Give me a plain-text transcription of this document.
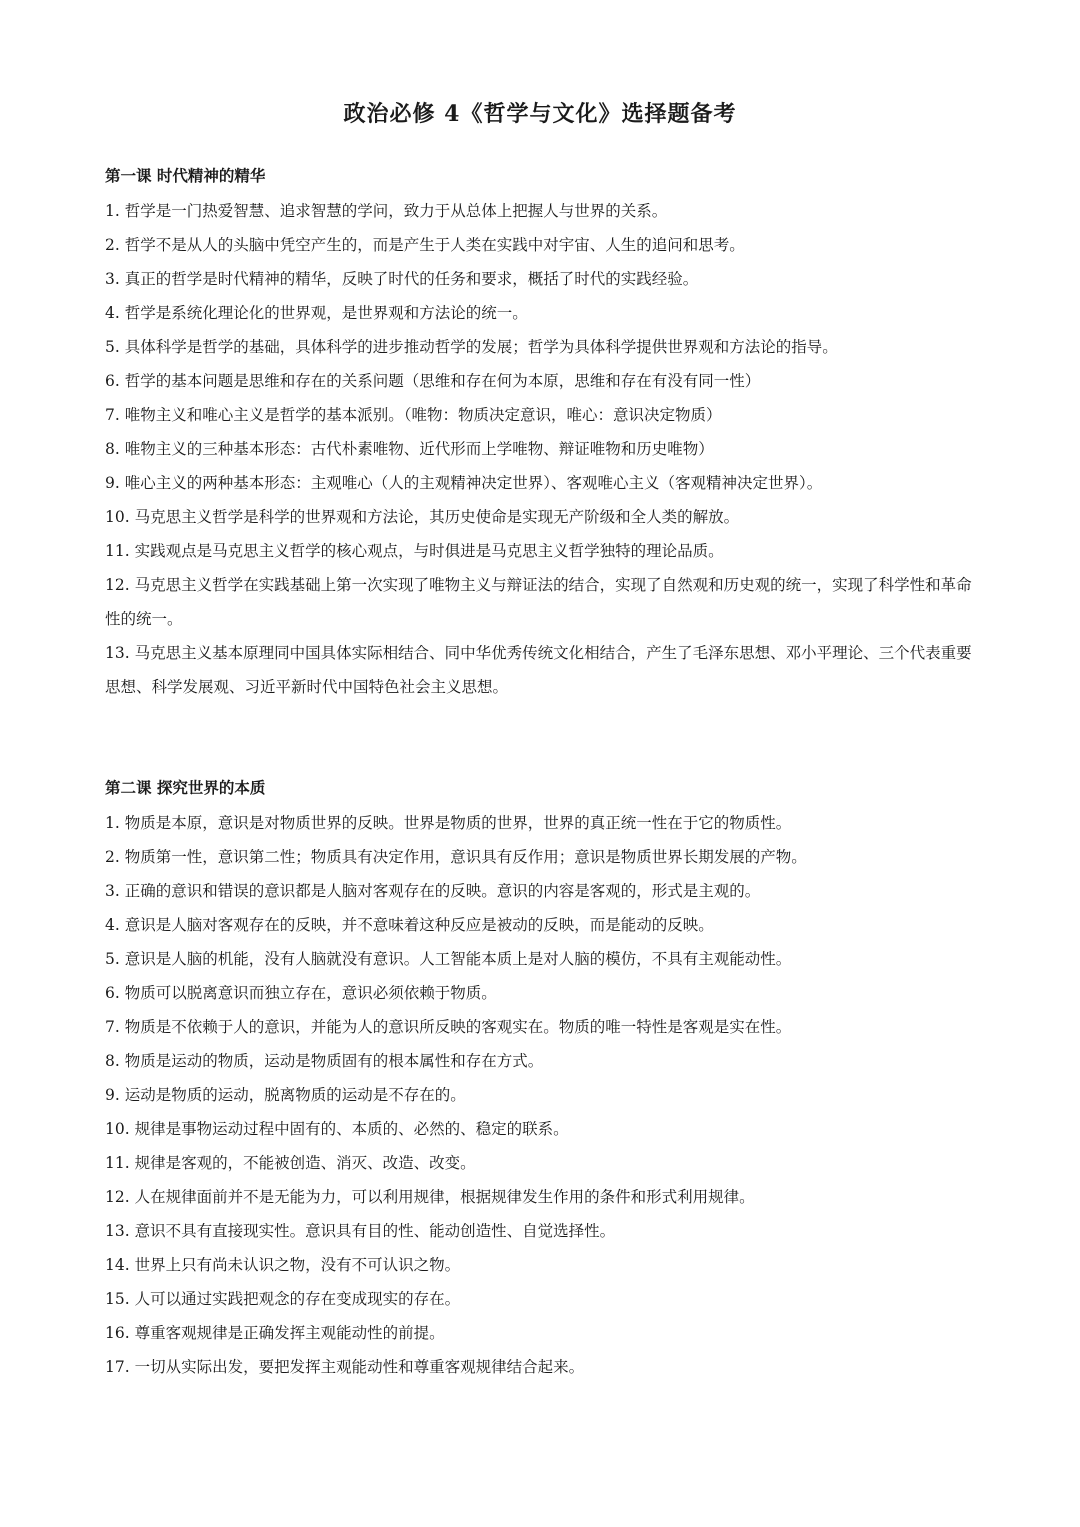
政治必修 4《哲学与文化》选择题备考
第一课 时代精神的精华
1. 哲学是一门热爱智慧、追求智慧的学问，致力于从总体上把握人与世界的关系。
2. 哲学不是从人的头脑中凭空产生的，而是产生于人类在实践中对宇宙、人生的追问和思考。
3. 真正的哲学是时代精神的精华，反映了时代的任务和要求，概括了时代的实践经验。
4. 哲学是系统化理论化的世界观，是世界观和方法论的统一。
5. 具体科学是哲学的基础，具体科学的进步推动哲学的发展；哲学为具体科学提供世界观和方法论的指导。
6. 哲学的基本问题是思维和存在的关系问题（思维和存在何为本原，思维和存在有没有同一性）
7. 唯物主义和唯心主义是哲学的基本派别。（唯物：物质决定意识，唯心：意识决定物质）
8. 唯物主义的三种基本形态：古代朴素唯物、近代形而上学唯物、辩证唯物和历史唯物）
9. 唯心主义的两种基本形态：主观唯心（人的主观精神决定世界）、客观唯心主义（客观精神决定世界）。
10. 马克思主义哲学是科学的世界观和方法论，其历史使命是实现无产阶级和全人类的解放。
11. 实践观点是马克思主义哲学的核心观点，与时俱进是马克思主义哲学独特的理论品质。
12. 马克思主义哲学在实践基础上第一次实现了唯物主义与辩证法的结合，实现了自然观和历史观的统一，实现了科学性和革命性的统一。
13. 马克思主义基本原理同中国具体实际相结合、同中华优秀传统文化相结合，产生了毛泽东思想、邓小平理论、三个代表重要思想、科学发展观、习近平新时代中国特色社会主义思想。
第二课 探究世界的本质
1. 物质是本原，意识是对物质世界的反映。世界是物质的世界，世界的真正统一性在于它的物质性。
2. 物质第一性，意识第二性；物质具有决定作用，意识具有反作用；意识是物质世界长期发展的产物。
3. 正确的意识和错误的意识都是人脑对客观存在的反映。意识的内容是客观的，形式是主观的。
4. 意识是人脑对客观存在的反映，并不意味着这种反应是被动的反映，而是能动的反映。
5. 意识是人脑的机能，没有人脑就没有意识。人工智能本质上是对人脑的模仿，不具有主观能动性。
6. 物质可以脱离意识而独立存在，意识必须依赖于物质。
7. 物质是不依赖于人的意识，并能为人的意识所反映的客观实在。物质的唯一特性是客观是实在性。
8. 物质是运动的物质，运动是物质固有的根本属性和存在方式。
9. 运动是物质的运动，脱离物质的运动是不存在的。
10. 规律是事物运动过程中固有的、本质的、必然的、稳定的联系。
11. 规律是客观的，不能被创造、消灭、改造、改变。
12. 人在规律面前并不是无能为力，可以利用规律，根据规律发生作用的条件和形式利用规律。
13. 意识不具有直接现实性。意识具有目的性、能动创造性、自觉选择性。
14. 世界上只有尚未认识之物，没有不可认识之物。
15. 人可以通过实践把观念的存在变成现实的存在。
16. 尊重客观规律是正确发挥主观能动性的前提。
17. 一切从实际出发，要把发挥主观能动性和尊重客观规律结合起来。
